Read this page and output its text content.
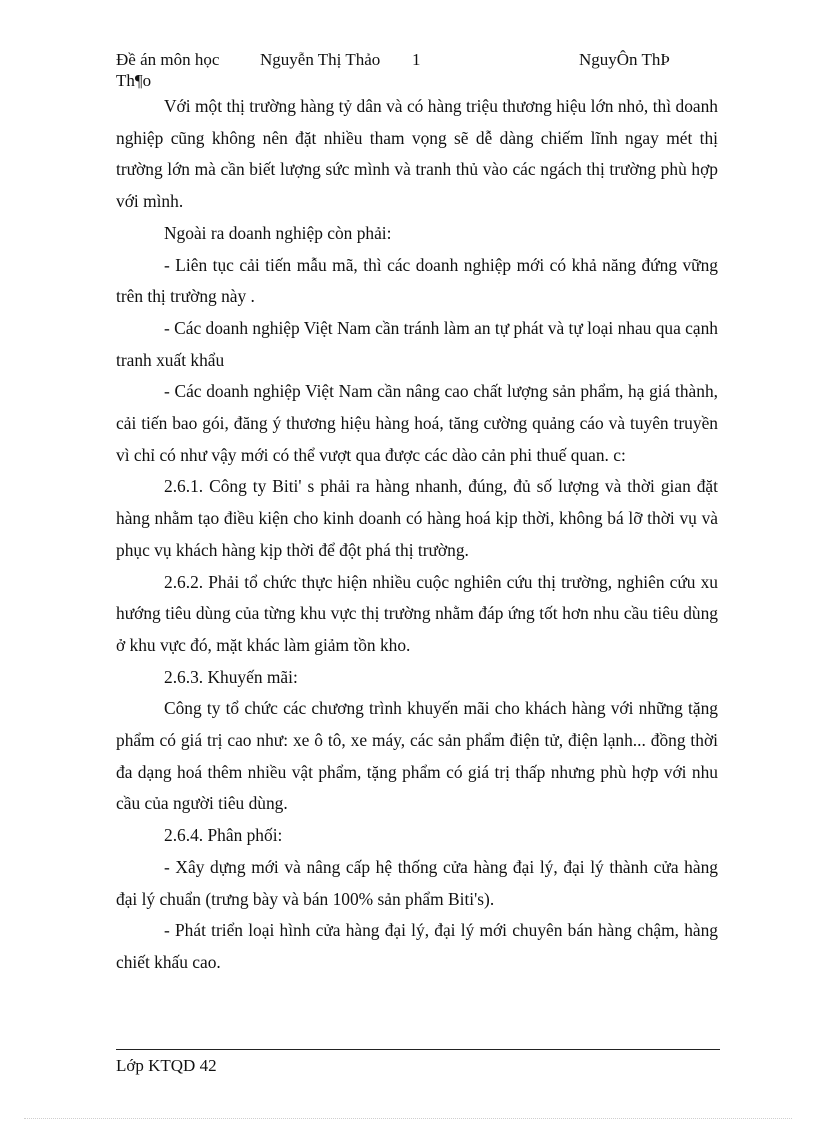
Đề án môn học Nguyễn Thị Thảo 1	NguyÔn ThÞ
Th¶o

Với một thị trường hàng tỷ dân và có hàng triệu thương hiệu lớn nhỏ, thì doanh nghiệp cũng không nên đặt nhiều tham vọng sẽ dễ dàng chiếm lĩnh ngay mét thị trường lớn mà cần biết lượng sức mình và tranh thủ vào các ngách thị trường phù hợp với mình.

Ngoài ra doanh nghiệp còn phải:

- Liên tục cải tiến mẫu mã, thì các doanh nghiệp mới có khả năng đứng vững trên thị trường này .

- Các doanh nghiệp Việt Nam cần tránh làm an tự phát và tự loại nhau qua cạnh tranh xuất khẩu

- Các doanh nghiệp Việt Nam cần nâng cao chất lượng sản phẩm, hạ giá thành, cải tiến bao gói, đăng ý thương hiệu hàng hoá, tăng cường quảng cáo và tuyên truyền vì chỉ có như vậy mới có thể vượt qua được các dào cản phi thuế quan. c:

2.6.1. Công ty Biti' s phải ra hàng nhanh, đúng, đủ số lượng và thời gian đặt hàng nhằm tạo điều kiện cho kinh doanh có hàng hoá kịp thời, không bá lỡ thời vụ và phục vụ khách hàng kịp thời để đột phá thị trường.

2.6.2. Phải tổ chức thực hiện nhiều cuộc nghiên cứu thị trường, nghiên cứu xu hướng tiêu dùng của từng khu vực thị trường nhằm đáp ứng tốt hơn nhu cầu tiêu dùng ở khu vực đó, mặt khác làm giảm tồn kho.

2.6.3. Khuyến mãi:

Công ty tổ chức các chương trình khuyến mãi cho khách hàng với những tặng phẩm có giá trị cao như: xe ô tô, xe máy, các sản phẩm điện tử, điện lạnh... đồng thời đa dạng hoá thêm nhiều vật phẩm, tặng phẩm có giá trị thấp nhưng phù hợp với nhu cầu của người tiêu dùng.

2.6.4. Phân phối:

- Xây dựng mới và nâng cấp hệ thống cửa hàng đại lý, đại lý thành cửa hàng đại lý chuẩn (trưng bày và bán 100% sản phẩm Biti's).

- Phát triển loại hình cửa hàng đại lý, đại lý mới chuyên bán hàng chậm, hàng chiết khấu cao.

Lớp KTQD 42
